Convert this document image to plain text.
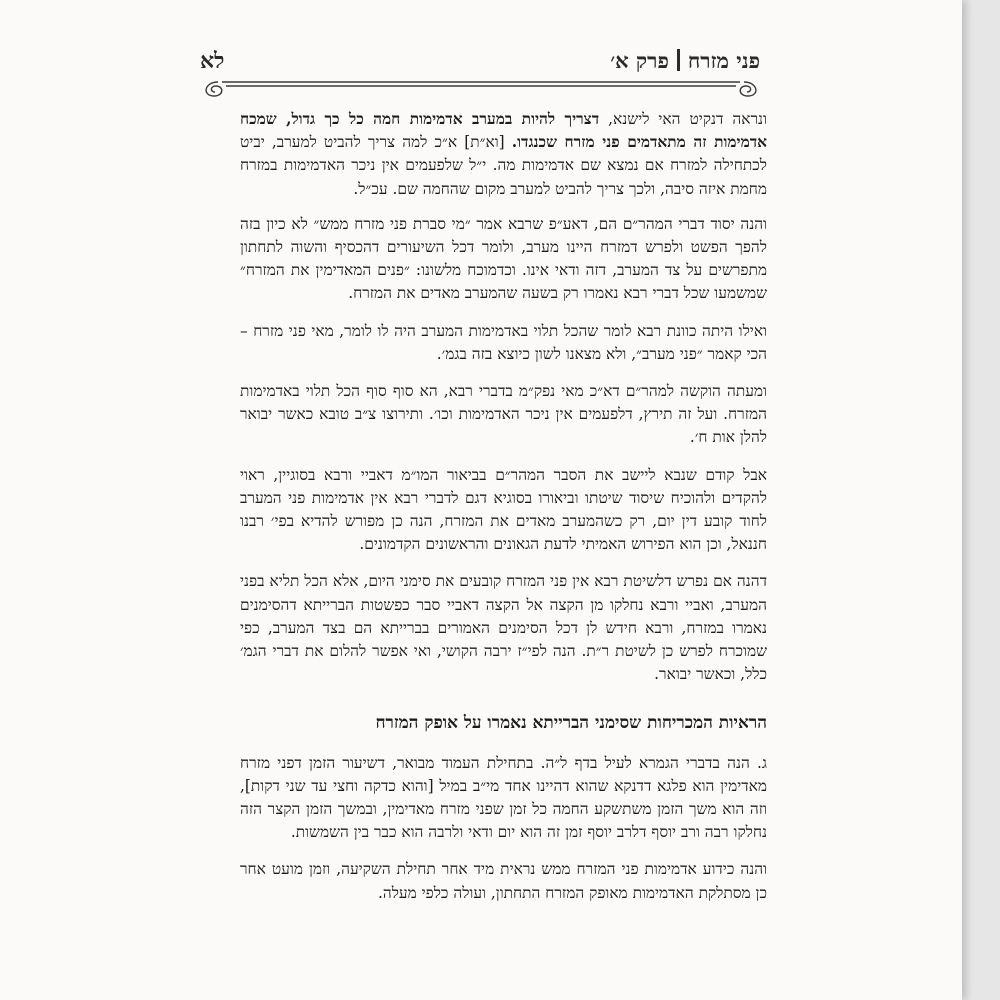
פני מזרחפרק א׳
לא

ונראה דנקיט האי לישנא, דצריך להיות במערב אדמימות חמה כל כך גדול, שמכח אדמימות זה מתאדמים פני מזרח שכנגדו. [וא״ת] א״כ למה צריך להביט למערב, יביט לכתחילה למזרח אם נמצא שם אדמימות מה. י״ל שלפעמים אין ניכר האדמימות במזרח מחמת איזה סיבה, ולכך צריך להביט למערב מקום שהחמה שם. עכ״ל.

והנה יסוד דברי המהר״ם הם, דאע״פ שרבא אמר ״מי סברת פני מזרח ממש״ לא כיון בזה להפך הפשט ולפרש דמזרח היינו מערב, ולומר דכל השיעורים דהכסיף והשוה לתחתון מתפרשים על צד המערב, דזה ודאי אינו. וכדמוכח מלשונו: ״פנים המאדימין את המזרח״ שמשמעו שכל דברי רבא נאמרו רק בשעה שהמערב מאדים את המזרח.

ואילו היתה כוונת רבא לומר שהכל תלוי באדמימות המערב היה לו לומר, מאי פני מזרח – הכי קאמר ״פני מערב״, ולא מצאנו לשון כיוצא בזה בגמ׳.

ומעתה הוקשה למהר״ם דא״כ מאי נפק״מ בדברי רבא, הא סוף סוף הכל תלוי באדמימות המזרח. ועל זה תירץ, דלפעמים אין ניכר האדמימות וכו׳. ותירוצו צ״ב טובא כאשר יבואר להלן אות ח׳.

אבל קודם שנבא ליישב את הסבר המהר״ם בביאור המו״מ דאביי ורבא בסוגיין, ראוי להקדים ולהוכיח שיסוד שיטתו וביאורו בסוגיא דגם לדברי רבא אין אדמימות פני המערב לחוד קובע דין יום, רק כשהמערב מאדים את המזרח, הנה כן מפורש להדיא בפי׳ רבנו חננאל, וכן הוא הפירוש האמיתי לדעת הגאונים והראשונים הקדמונים.

דהנה אם נפרש דלשיטת רבא אין פני המזרח קובעים את סימני היום, אלא הכל תליא בפני המערב, ואביי ורבא נחלקו מן הקצה אל הקצה דאביי סבר כפשטות הברייתא דהסימנים נאמרו במזרח, ורבא חידש לן דכל הסימנים האמורים בברייתא הם בצד המערב, כפי שמוכרח לפרש כן לשיטת ר״ת. הנה לפי״ז ירבה הקושי, ואי אפשר להלום את דברי הגמ׳ כלל, וכאשר יבואר.

הראיות המכריחות שסימני הברייתא נאמרו על אופק המזרח

ג. הנה בדברי הגמרא לעיל בדף ל״ה. בתחילת העמוד מבואר, דשיעור הזמן דפני מזרח מאדימין הוא פלגא דדנקא שהוא דהיינו אחד מי״ב במיל [והוא כדקה וחצי עד שני דקות], וזה הוא משך הזמן משתשקע החמה כל זמן שפני מזרח מאדימין, ובמשך הזמן הקצר הזה נחלקו רבה ורב יוסף דלרב יוסף זמן זה הוא יום ודאי ולרבה הוא כבר בין השמשות.

והנה כידוע אדמימות פני המזרח ממש נראית מיד אחר תחילת השקיעה, וזמן מועט אחר כן מסתלקת האדמימות מאופק המזרח התחתון, ועולה כלפי מעלה.
